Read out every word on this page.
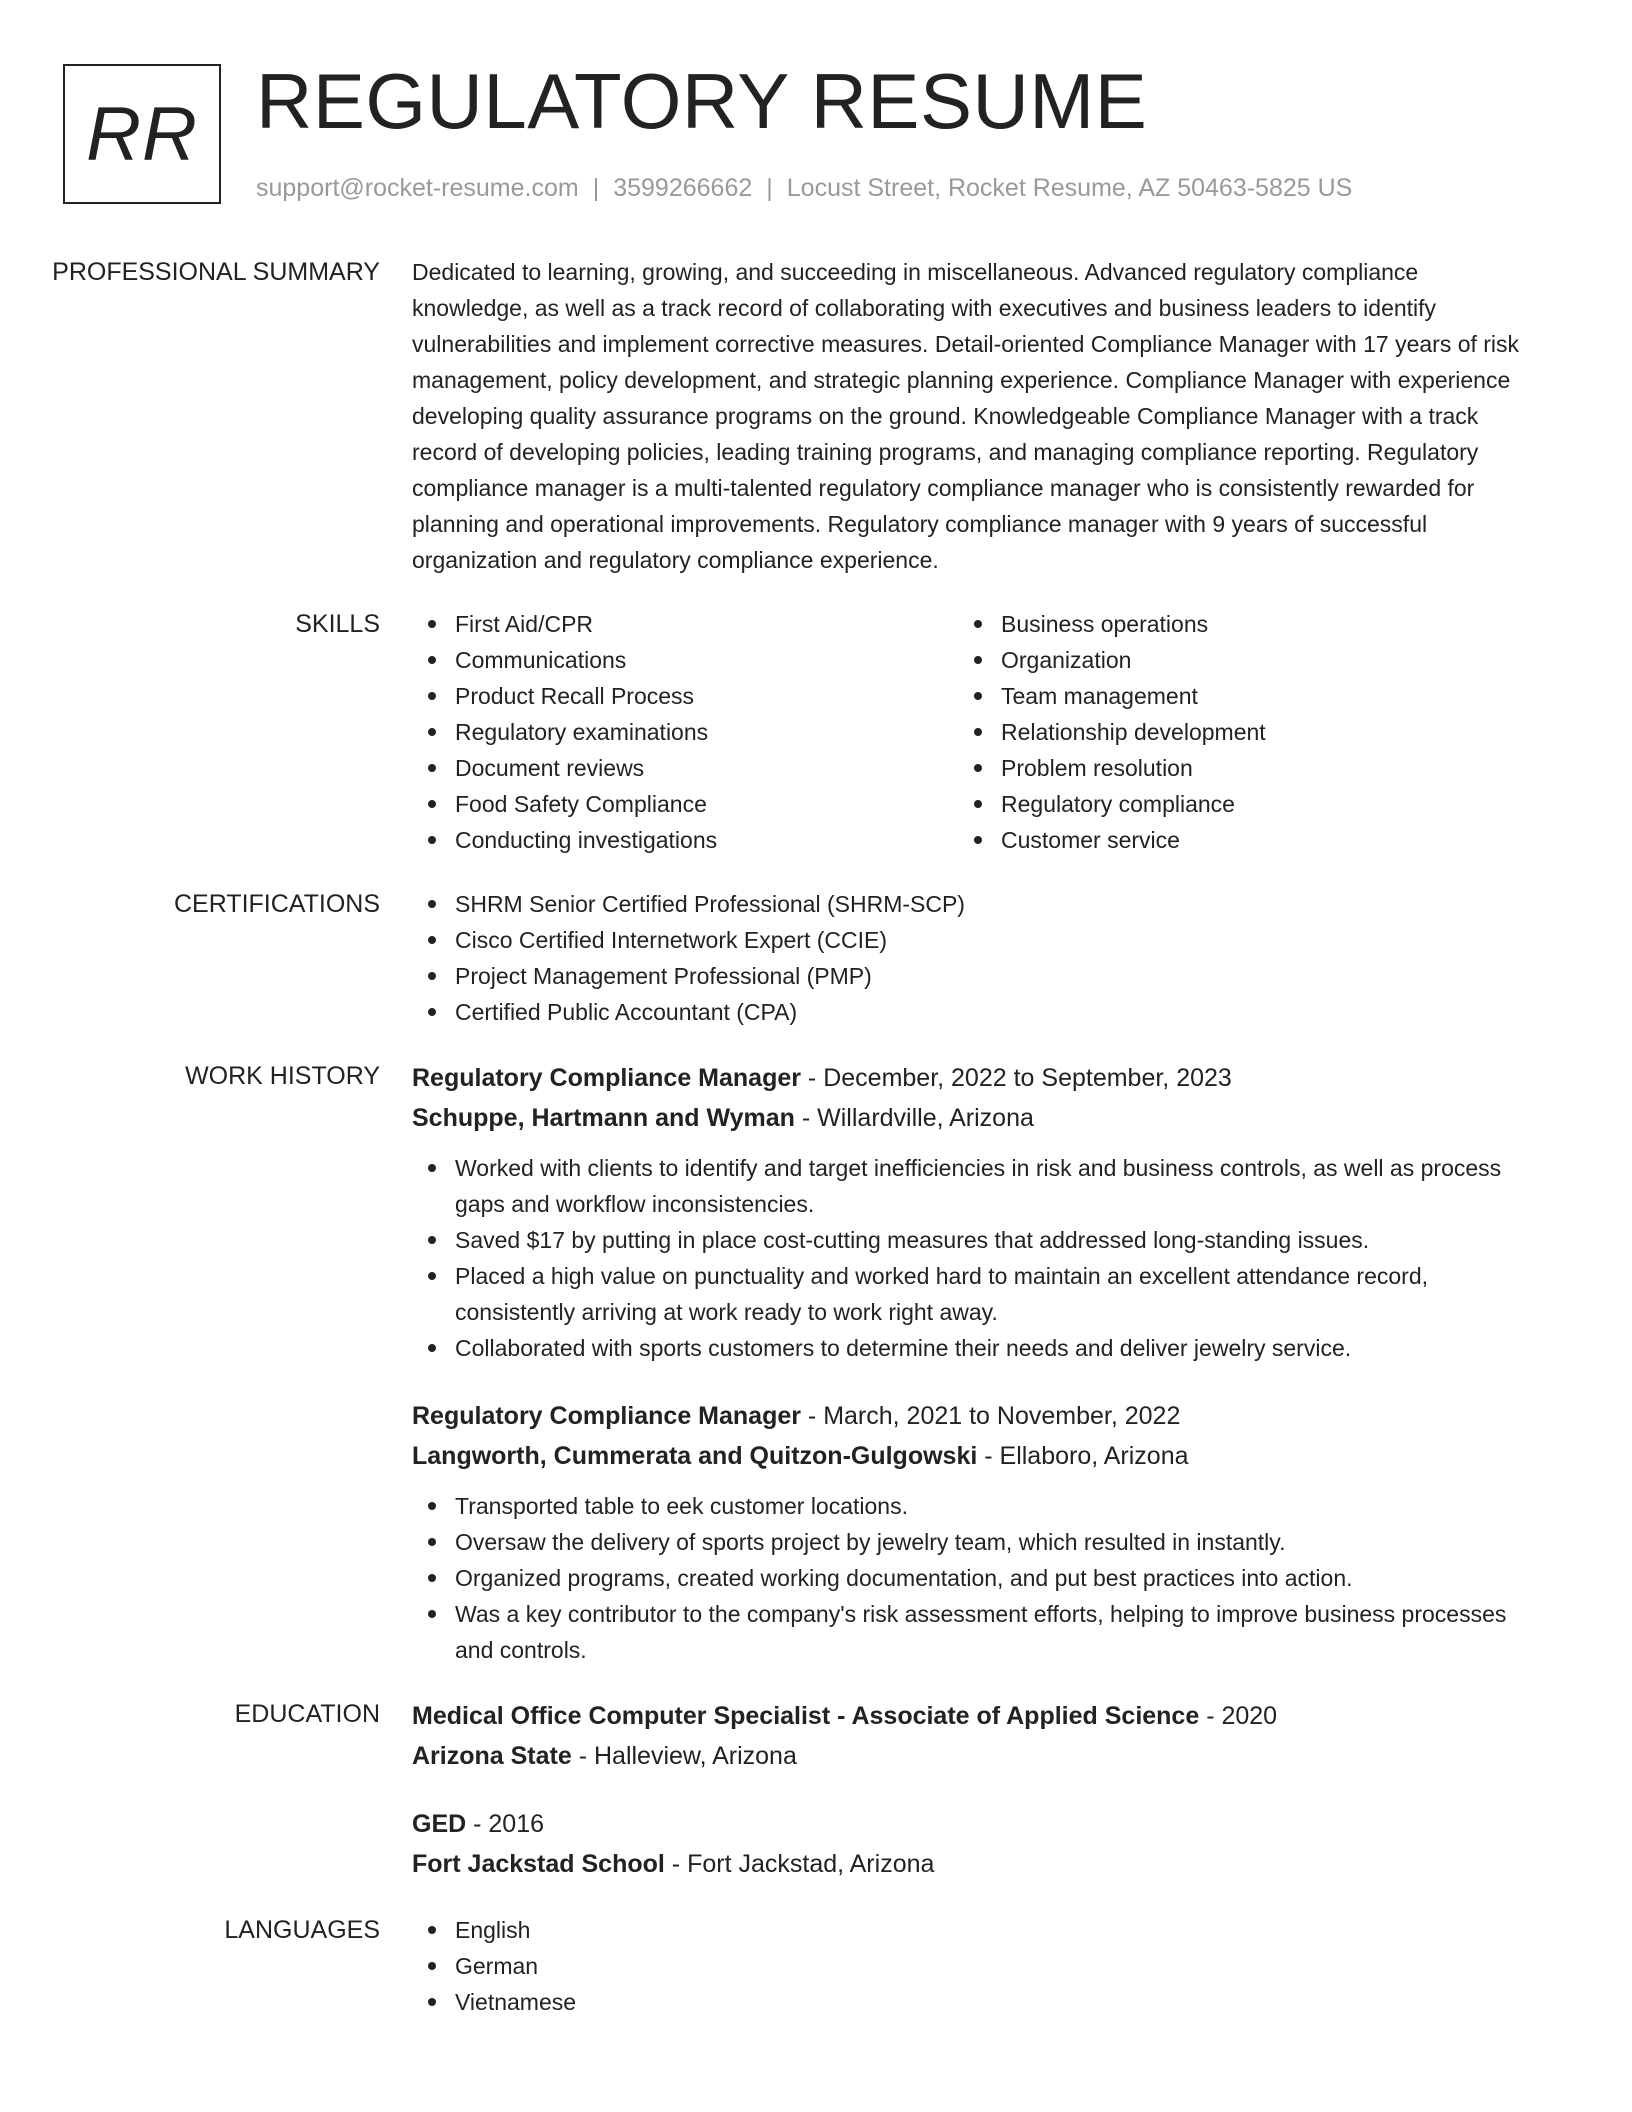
RR REGULATORY RESUME
support@rocket-resume.com | 3599266662 | Locust Street, Rocket Resume, AZ 50463-5825 US
PROFESSIONAL SUMMARY	Dedicated to learning, growing, and succeeding in miscellaneous. Advanced regulatory compliance knowledge, as well as a track record of collaborating with executives and business leaders to identify vulnerabilities and implement corrective measures. Detail-oriented Compliance Manager with 17 years of risk management, policy development, and strategic planning experience. Compliance Manager with experience developing quality assurance programs on the ground. Knowledgeable Compliance Manager with a track record of developing policies, leading training programs, and managing compliance reporting. Regulatory compliance manager is a multi-talented regulatory compliance manager who is consistently rewarded for planning and operational improvements. Regulatory compliance manager with 9 years of successful organization and regulatory compliance experience.

SKILLS	First Aid/CPR
Communications
Product Recall Process
Regulatory examinations
Document reviews
Food Safety Compliance
Conducting investigations
Business operations
Organization
Team management
Relationship development
Problem resolution
Regulatory compliance
Customer service
CERTIFICATIONS	SHRM Senior Certified Professional (SHRM-SCP)
Cisco Certified Internetwork Expert (CCIE)
Project Management Professional (PMP)
Certified Public Accountant (CPA)
WORK HISTORY	Regulatory Compliance Manager - December, 2022 to September, 2023
Schuppe, Hartmann and Wyman - Willardville, Arizona
Worked with clients to identify and target inefficiencies in risk and business controls, as well as process gaps and workflow inconsistencies.
Saved $17 by putting in place cost-cutting measures that addressed long-standing issues.
Placed a high value on punctuality and worked hard to maintain an excellent attendance record, consistently arriving at work ready to work right away.
Collaborated with sports customers to determine their needs and deliver jewelry service.
Regulatory Compliance Manager - March, 2021 to November, 2022
Langworth, Cummerata and Quitzon-Gulgowski - Ellaboro, Arizona
Transported table to eek customer locations.
Oversaw the delivery of sports project by jewelry team, which resulted in instantly.
Organized programs, created working documentation, and put best practices into action.
Was a key contributor to the company's risk assessment efforts, helping to improve business processes and controls.
EDUCATION	Medical Office Computer Specialist - Associate of Applied Science - 2020
Arizona State - Halleview, Arizona
GED - 2016
Fort Jackstad School - Fort Jackstad, Arizona
LANGUAGES	English
German
Vietnamese
